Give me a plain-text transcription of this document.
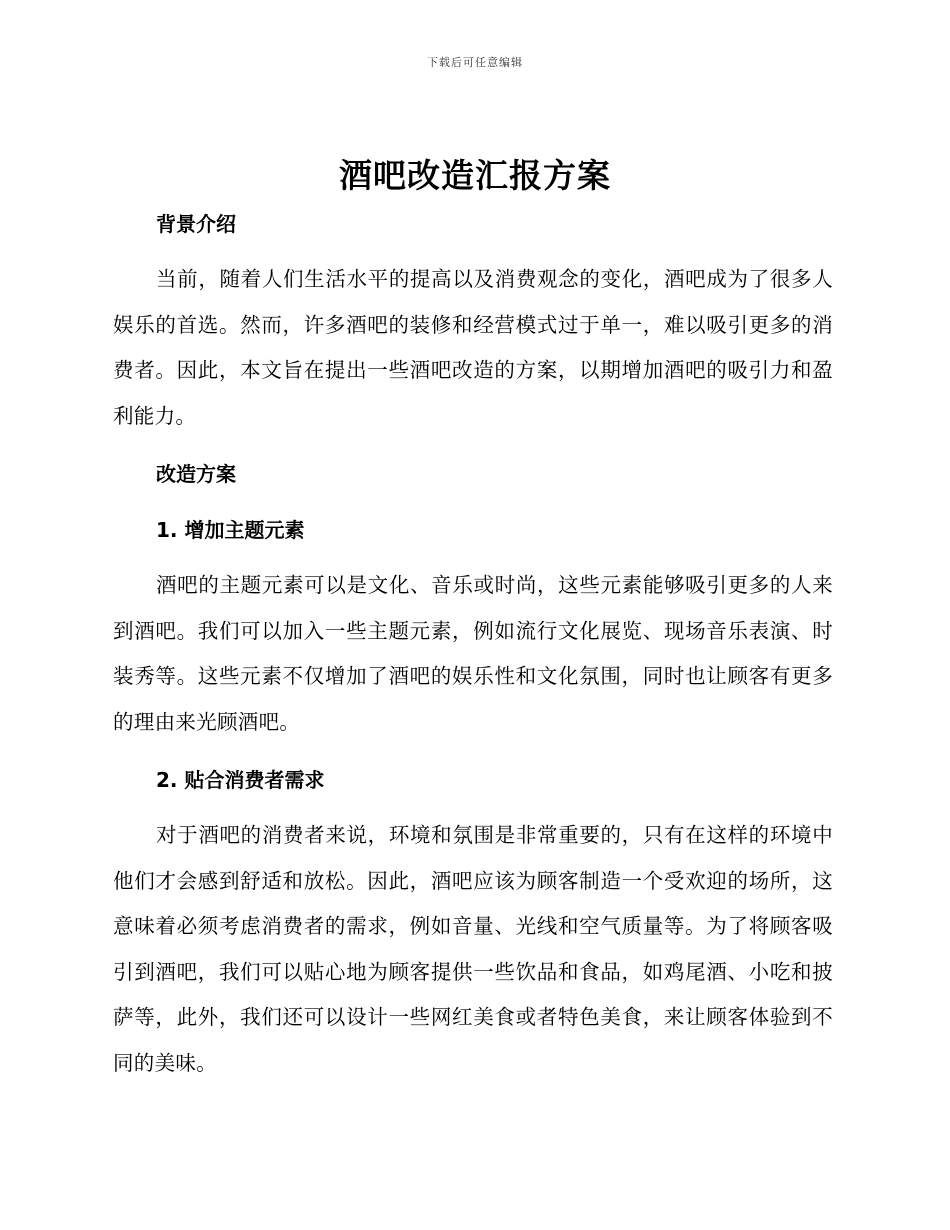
下载后可任意编辑
酒吧改造汇报方案
背景介绍

当前，随着人们生活水平的提高以及消费观念的变化，酒吧成为了很多人娱乐的首选。然而，许多酒吧的装修和经营模式过于单一，难以吸引更多的消费者。因此，本文旨在提出一些酒吧改造的方案，以期增加酒吧的吸引力和盈利能力。

改造方案
1. 增加主题元素

酒吧的主题元素可以是文化、音乐或时尚，这些元素能够吸引更多的人来到酒吧。我们可以加入一些主题元素，例如流行文化展览、现场音乐表演、时装秀等。这些元素不仅增加了酒吧的娱乐性和文化氛围，同时也让顾客有更多的理由来光顾酒吧。

2. 贴合消费者需求

对于酒吧的消费者来说，环境和氛围是非常重要的，只有在这样的环境中他们才会感到舒适和放松。因此，酒吧应该为顾客制造一个受欢迎的场所，这意味着必须考虑消费者的需求，例如音量、光线和空气质量等。为了将顾客吸引到酒吧，我们可以贴心地为顾客提供一些饮品和食品，如鸡尾酒、小吃和披萨等，此外，我们还可以设计一些网红美食或者特色美食，来让顾客体验到不同的美味。
